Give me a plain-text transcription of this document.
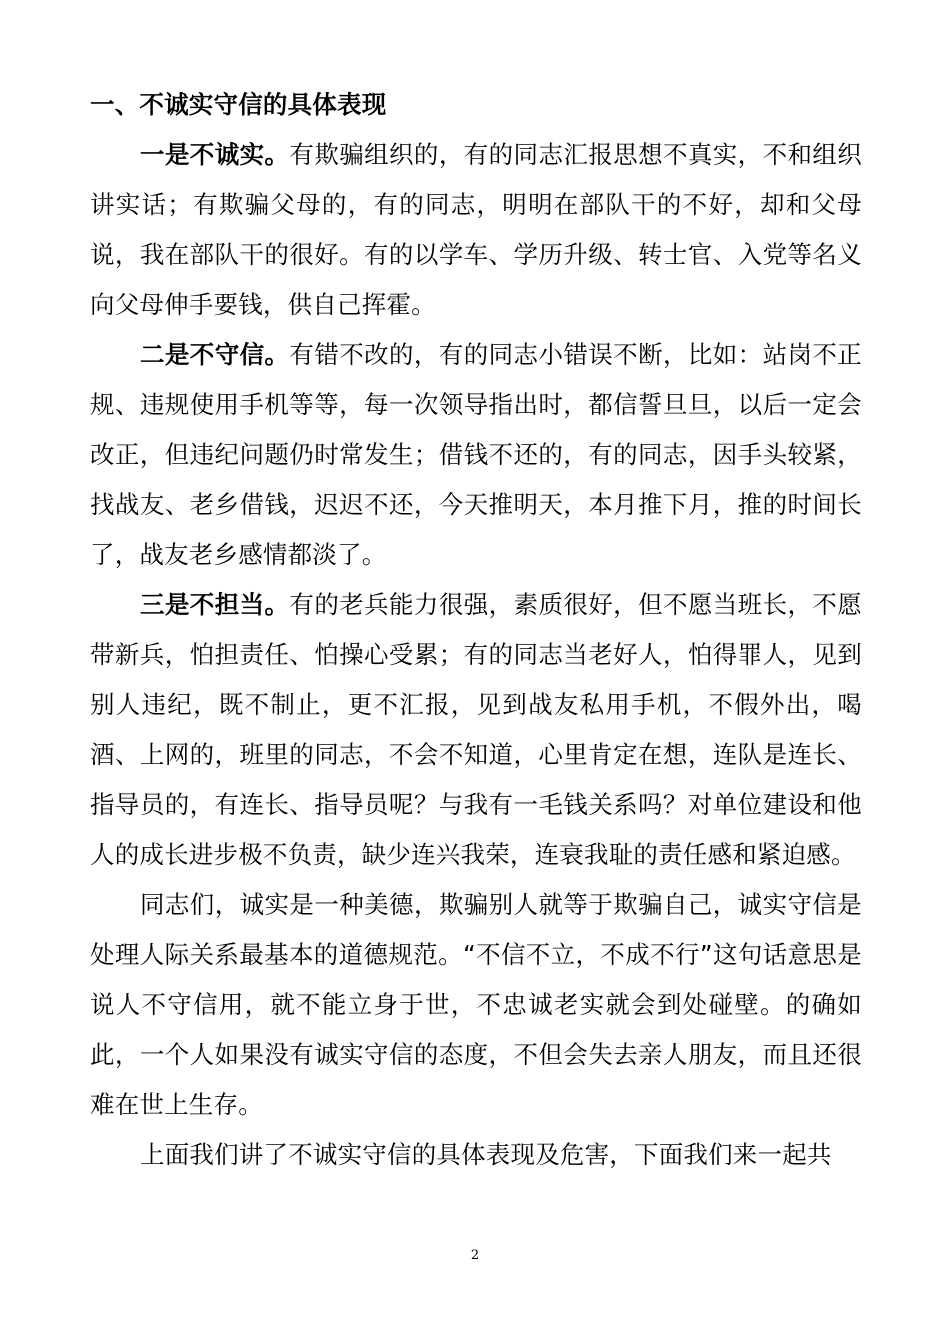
一、不诚实守信的具体表现

一是不诚实。有欺骗组织的，有的同志汇报思想不真实，不和组织讲实话；有欺骗父母的，有的同志，明明在部队干的不好，却和父母说，我在部队干的很好。有的以学车、学历升级、转士官、入党等名义向父母伸手要钱，供自己挥霍。

二是不守信。有错不改的，有的同志小错误不断，比如：站岗不正规、违规使用手机等等，每一次领导指出时，都信誓旦旦，以后一定会改正，但违纪问题仍时常发生；借钱不还的，有的同志，因手头较紧，找战友、老乡借钱，迟迟不还，今天推明天，本月推下月，推的时间长了，战友老乡感情都淡了。

三是不担当。有的老兵能力很强，素质很好，但不愿当班长，不愿带新兵，怕担责任、怕操心受累；有的同志当老好人，怕得罪人，见到别人违纪，既不制止，更不汇报，见到战友私用手机，不假外出，喝酒、上网的，班里的同志，不会不知道，心里肯定在想，连队是连长、指导员的，有连长、指导员呢？与我有一毛钱关系吗？对单位建设和他人的成长进步极不负责，缺少连兴我荣，连衰我耻的责任感和紧迫感。

同志们，诚实是一种美德，欺骗别人就等于欺骗自己，诚实守信是处理人际关系最基本的道德规范。“不信不立，不成不行”这句话意思是说人不守信用，就不能立身于世，不忠诚老实就会到处碰壁。的确如此，一个人如果没有诚实守信的态度，不但会失去亲人朋友，而且还很难在世上生存。

上面我们讲了不诚实守信的具体表现及危害，下面我们来一起共

2
